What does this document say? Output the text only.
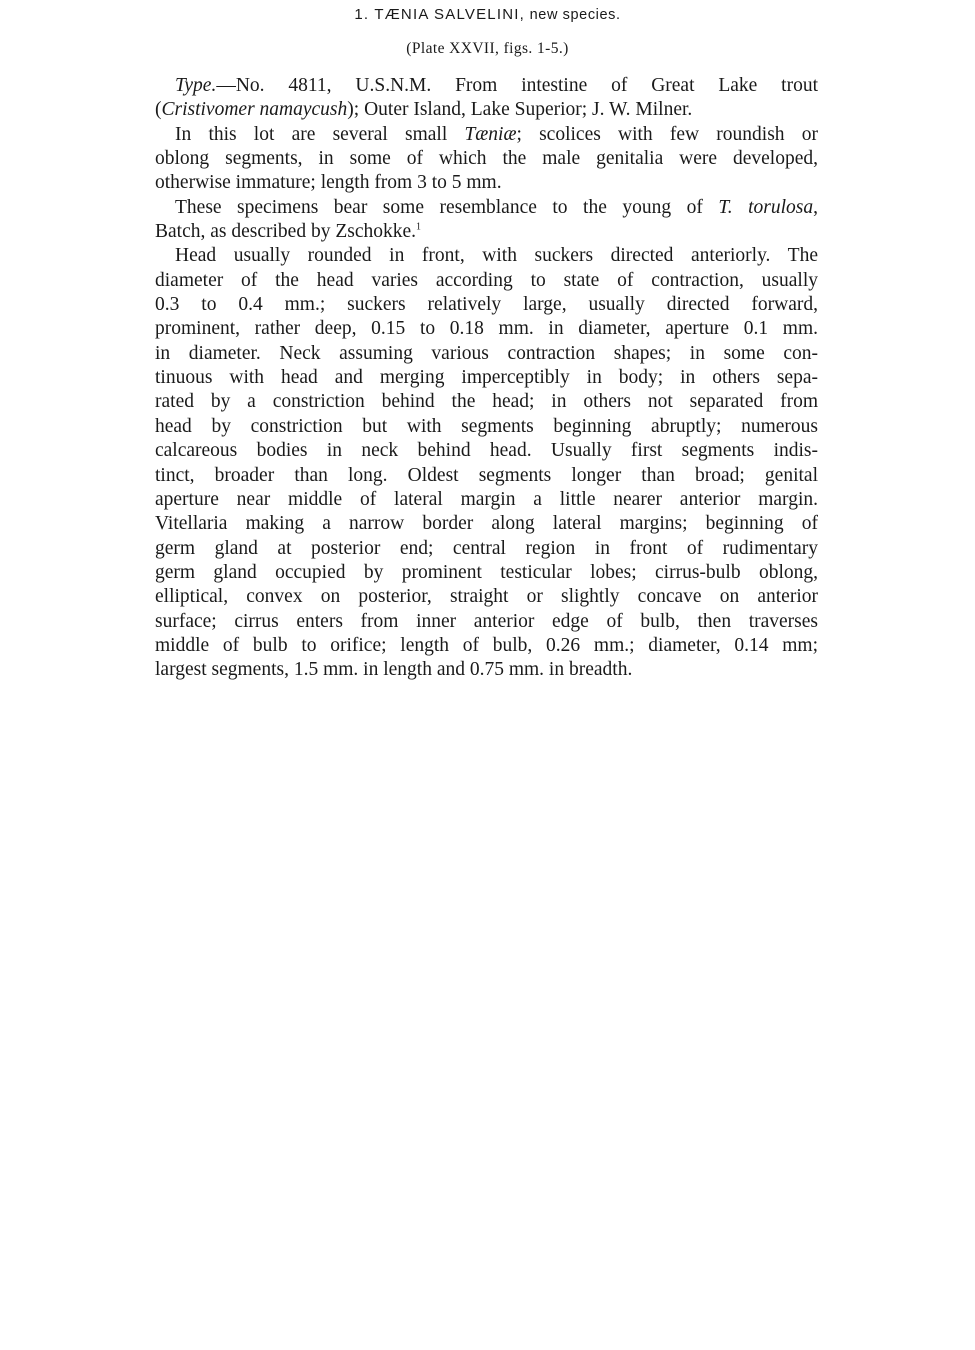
1. TÆNIA SALVELINI, new species.
(Plate XXVII, figs. 1-5.)
Type.—No. 4811, U.S.N.M. From intestine of Great Lake trout
(Cristivomer namaycush); Outer Island, Lake Superior; J. W. Milner.
In this lot are several small Tæniæ; scolices with few roundish or
oblong segments, in some of which the male genitalia were developed,
otherwise immature; length from 3 to 5 mm.
These specimens bear some resemblance to the young of T. torulosa,
Batch, as described by Zschokke.$^1$
Head usually rounded in front, with suckers directed anteriorly. The
diameter of the head varies according to state of contraction, usually
0.3 to 0.4 mm.; suckers relatively large, usually directed forward,
prominent, rather deep, 0.15 to 0.18 mm. in diameter, aperture 0.1 mm.
in diameter. Neck assuming various contraction shapes; in some con-
tinuous with head and merging imperceptibly in body; in others sepa-
rated by a constriction behind the head; in others not separated from
head by constriction but with segments beginning abruptly; numerous
calcareous bodies in neck behind head. Usually first segments indis-
tinct, broader than long. Oldest segments longer than broad; genital
aperture near middle of lateral margin a little nearer anterior margin.
Vitellaria making a narrow border along lateral margins; beginning of
germ gland at posterior end; central region in front of rudimentary
germ gland occupied by prominent testicular lobes; cirrus-bulb oblong,
elliptical, convex on posterior, straight or slightly concave on anterior
surface; cirrus enters from inner anterior edge of bulb, then traverses
middle of bulb to orifice; length of bulb, 0.26 mm.; diameter, 0.14 mm;
largest segments, 1.5 mm. in length and 0.75 mm. in breadth.
